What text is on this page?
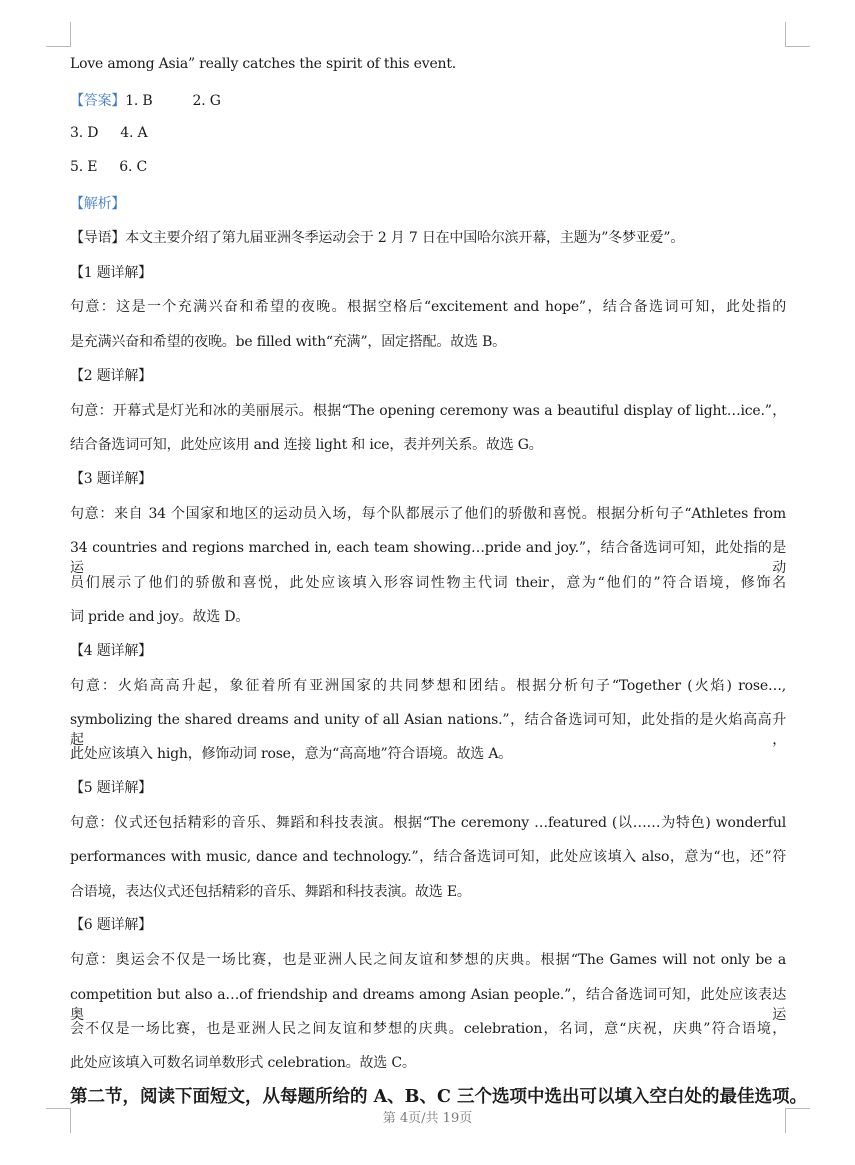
Love among Asia” really catches the spirit of this event.
【答案】1. B	2. G
3. D 4. A
5. E 6. C
【解析】
【导语】本文主要介绍了第九届亚洲冬季运动会于 2 月 7 日在中国哈尔滨开幕，主题为”冬梦亚爱”。
【1 题详解】
句意：这是一个充满兴奋和希望的夜晚。根据空格后“excitement and hope”，结合备选词可知，此处指的
是充满兴奋和希望的夜晚。be filled with“充满”，固定搭配。故选 B。
【2 题详解】
句意：开幕式是灯光和冰的美丽展示。根据“The opening ceremony was a beautiful display of light…ice.”，
结合备选词可知，此处应该用 and 连接 light 和 ice，表并列关系。故选 G。
【3 题详解】
句意：来自 34 个国家和地区的运动员入场，每个队都展示了他们的骄傲和喜悦。根据分析句子“Athletes from
34 countries and regions marched in, each team showing…pride and joy.”，结合备选词可知，此处指的是运动
员们展示了他们的骄傲和喜悦，此处应该填入形容词性物主代词 their，意为“他们的”符合语境，修饰名
词 pride and joy。故选 D。
【4 题详解】
句意：火焰高高升起，象征着所有亚洲国家的共同梦想和团结。根据分析句子“Together (火焰) rose…,
symbolizing the shared dreams and unity of all Asian nations.”，结合备选词可知，此处指的是火焰高高升起，
此处应该填入 high，修饰动词 rose，意为“高高地”符合语境。故选 A。
【5 题详解】
句意：仪式还包括精彩的音乐、舞蹈和科技表演。根据“The ceremony …featured (以……为特色) wonderful
performances with music, dance and technology.”，结合备选词可知，此处应该填入 also，意为“也，还”符
合语境，表达仪式还包括精彩的音乐、舞蹈和科技表演。故选 E。
【6 题详解】
句意：奥运会不仅是一场比赛，也是亚洲人民之间友谊和梦想的庆典。根据“The Games will not only be a
competition but also a…of friendship and dreams among Asian people.”，结合备选词可知，此处应该表达奥运
会不仅是一场比赛，也是亚洲人民之间友谊和梦想的庆典。celebration，名词，意“庆祝，庆典”符合语境，
此处应该填入可数名词单数形式 celebration。故选 C。
第二节，阅读下面短文，从每题所给的 A、B、C 三个选项中选出可以填入空白处的最佳选项。
第 4页/共 19页
